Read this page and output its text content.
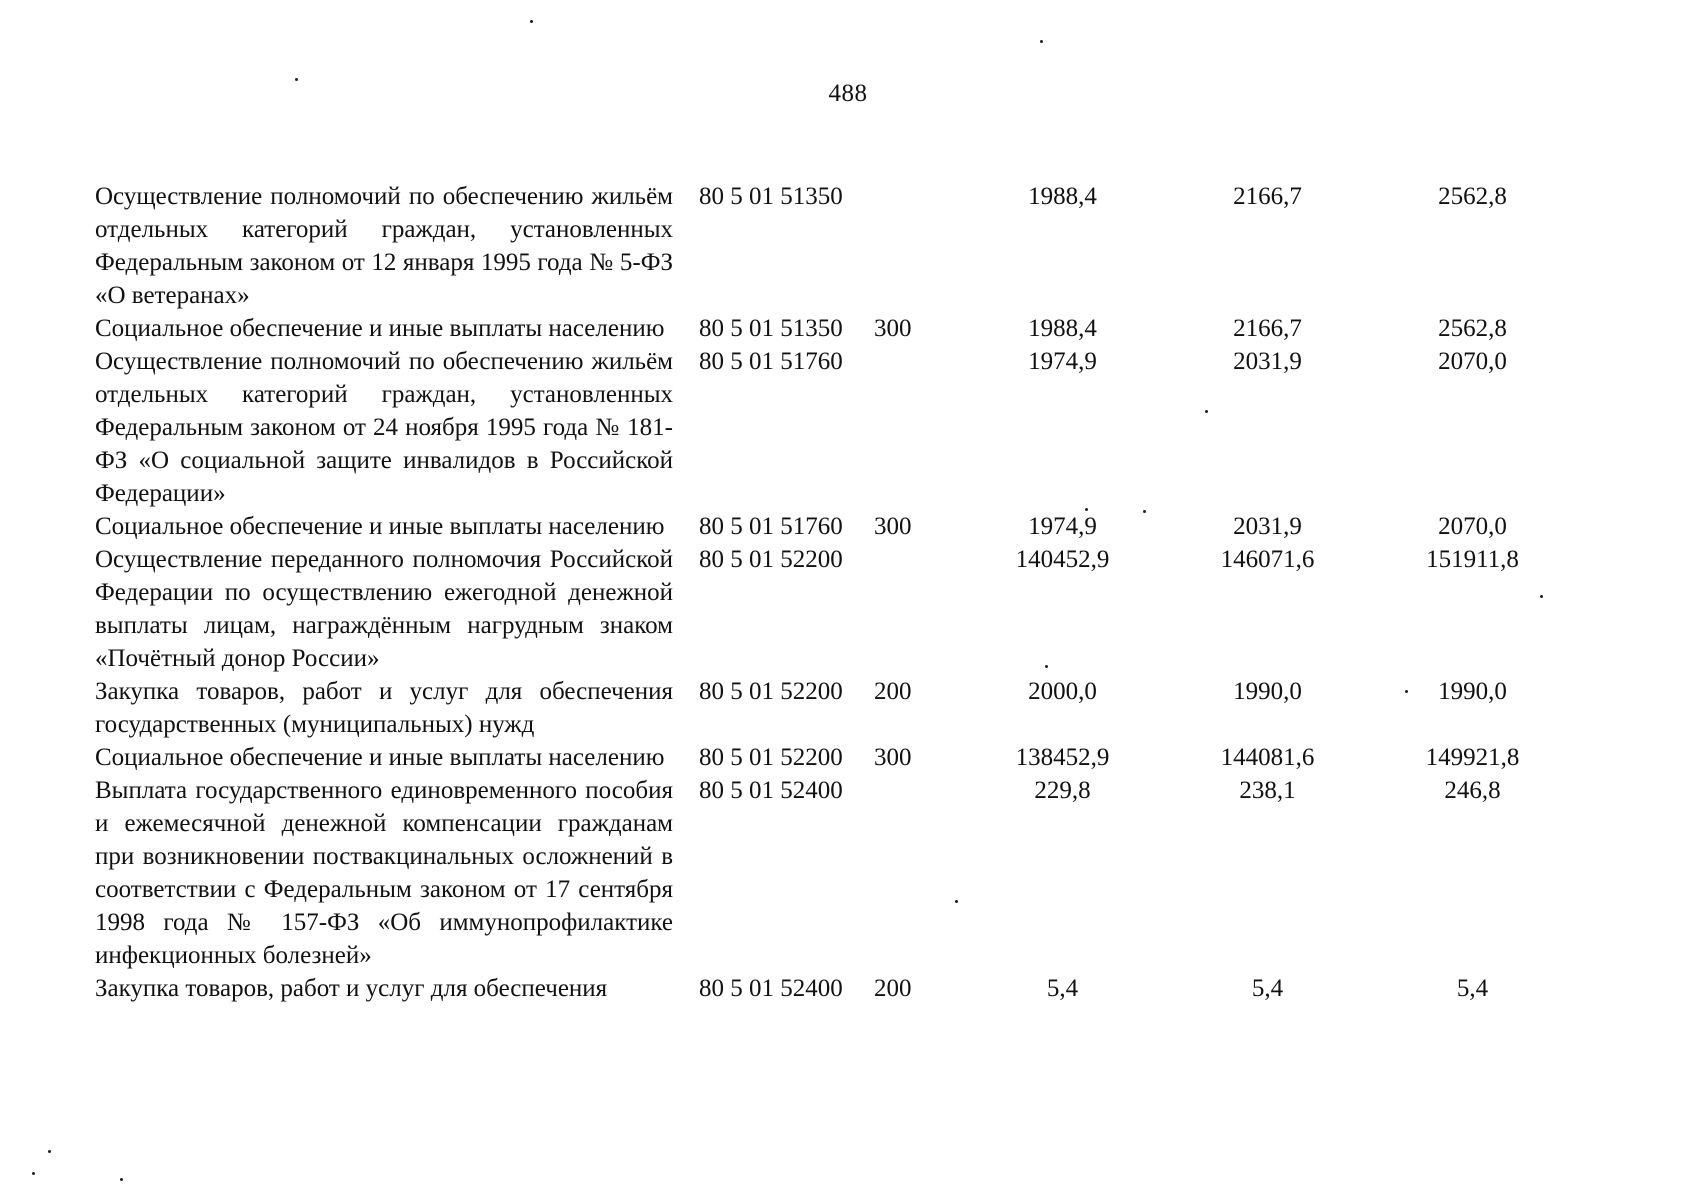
488
Осуществление полномочий по обеспечению жильём отдельных категорий граждан, установленных Федеральным законом от 12 января 1995 года № 5-ФЗ «О ветеранах»	80 5 01 51350		1988,4	2166,7	2562,8
Социальное обеспечение и иные выплаты населению	80 5 01 51350	300	1988,4	2166,7	2562,8
Осуществление полномочий по обеспечению жильём отдельных категорий граждан, установленных Федеральным законом от 24 ноября 1995 года № 181-ФЗ «О социальной защите инвалидов в Российской Федерации»	80 5 01 51760		1974,9	2031,9	2070,0
Социальное обеспечение и иные выплаты населению	80 5 01 51760	300	1974,9	2031,9	2070,0
Осуществление переданного полномочия Российской Федерации по осуществлению ежегодной денежной выплаты лицам, награждённым нагрудным знаком «Почётный донор России»	80 5 01 52200		140452,9	146071,6	151911,8
Закупка товаров, работ и услуг для обеспечения государственных (муниципальных) нужд	80 5 01 52200	200	2000,0	1990,0	1990,0
Социальное обеспечение и иные выплаты населению	80 5 01 52200	300	138452,9	144081,6	149921,8
Выплата государственного единовременного пособия и ежемесячной денежной компенсации гражданам при возникновении поствакцинальных осложнений в соответствии с Федеральным законом от 17 сентября 1998 года № 157-ФЗ «Об иммунопрофилактике инфекционных болезней»	80 5 01 52400		229,8	238,1	246,8
Закупка товаров, работ и услуг для обеспечения	80 5 01 52400	200	5,4	5,4	5,4
